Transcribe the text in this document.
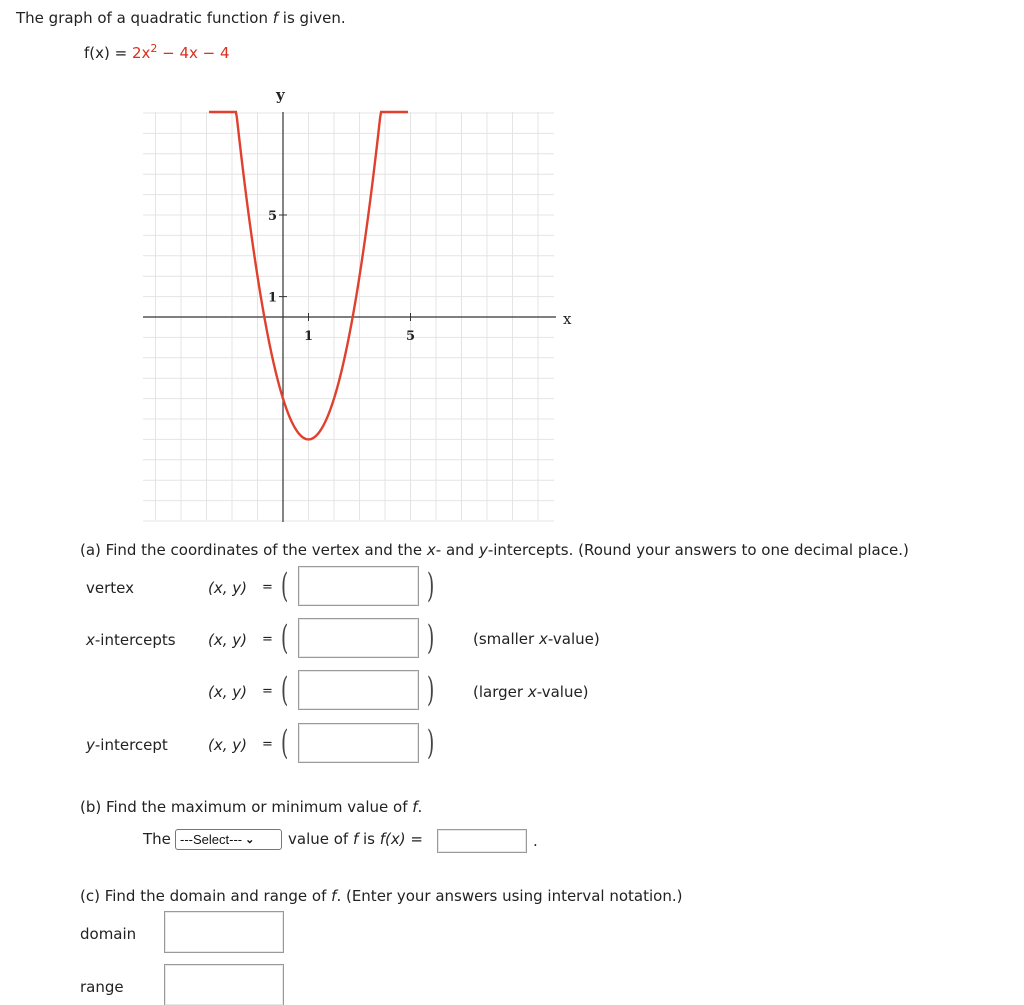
The graph of a quadratic function f is given.
$f(x) = 2x^2 - 4x - 4$
x
y
1	5
5
1
(a) Find the coordinates of the vertex and the x- and y-intercepts. (Round your answers to one decimal place.)
vertex	(x, y) = (	)
x-intercepts (x, y) = (	)	(smaller x-value)
(x, y) = (	)	(larger x-value)
y-intercept	(x, y) = (	)
(b) Find the maximum or minimum value of f.
The ---Select--- ⌄ value of f is f(x) =	.
(c) Find the domain and range of f. (Enter your answers using interval notation.)
domain
range
